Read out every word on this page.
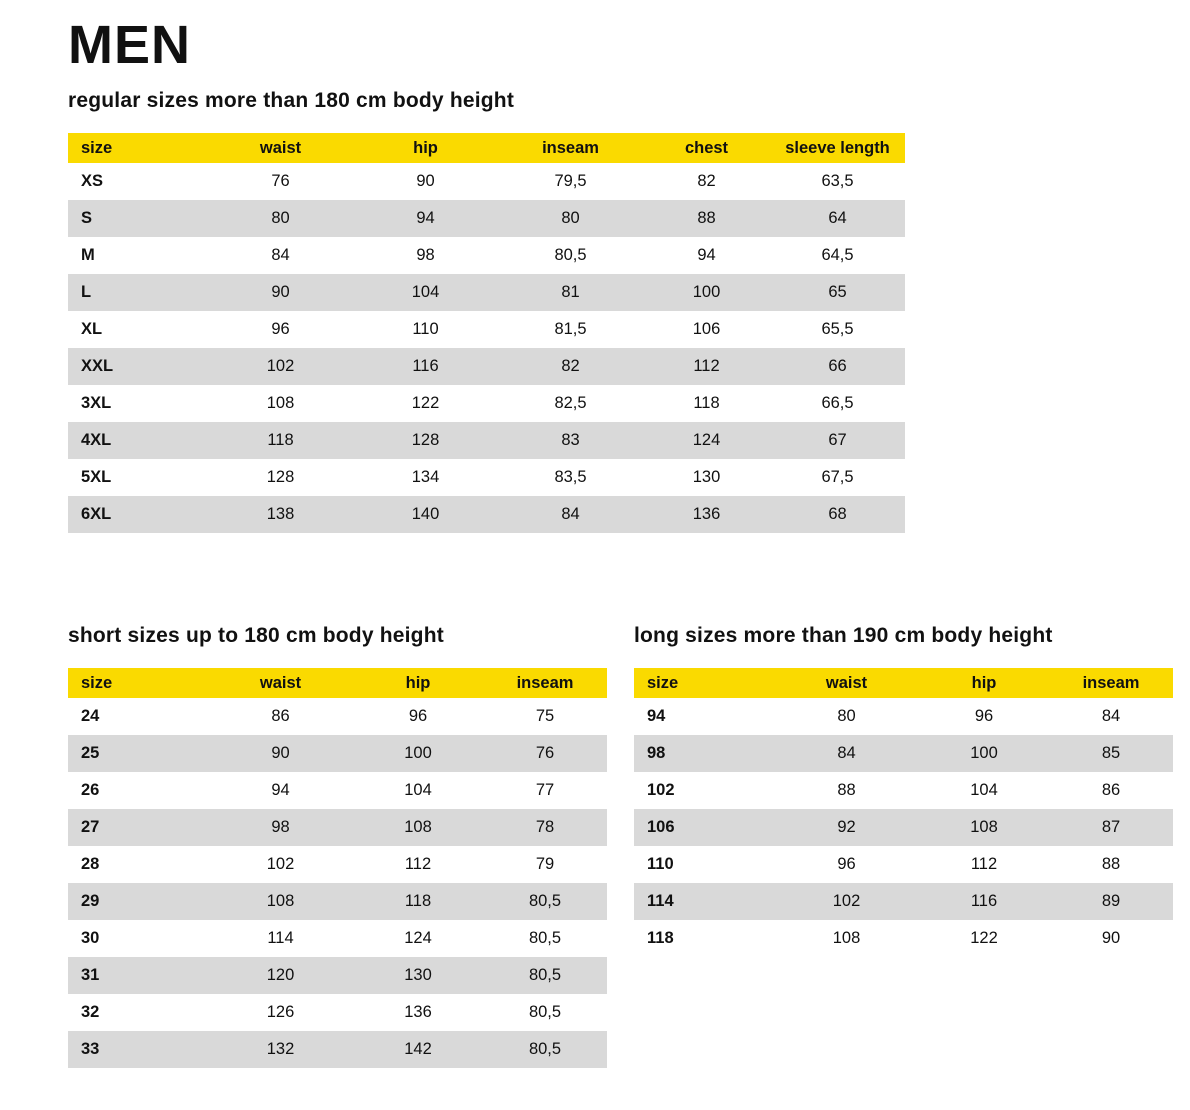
MEN
regular sizes more than 180 cm body height
size	waist	hip	inseam	chest	sleeve length
XS	76	90	79,5	82	63,5
S	80	94	80	88	64
M	84	98	80,5	94	64,5
L	90	104	81	100	65
XL	96	110	81,5	106	65,5
XXL	102	116	82	112	66
3XL	108	122	82,5	118	66,5
4XL	118	128	83	124	67
5XL	128	134	83,5	130	67,5
6XL	138	140	84	136	68
short sizes up to 180 cm body height
size	waist	hip	inseam
24	86	96	75
25	90	100	76
26	94	104	77
27	98	108	78
28	102	112	79
29	108	118	80,5
30	114	124	80,5
31	120	130	80,5
32	126	136	80,5
33	132	142	80,5
long sizes more than 190 cm body height
size	waist	hip	inseam
94	80	96	84
98	84	100	85
102	88	104	86
106	92	108	87
110	96	112	88
114	102	116	89
118	108	122	90
